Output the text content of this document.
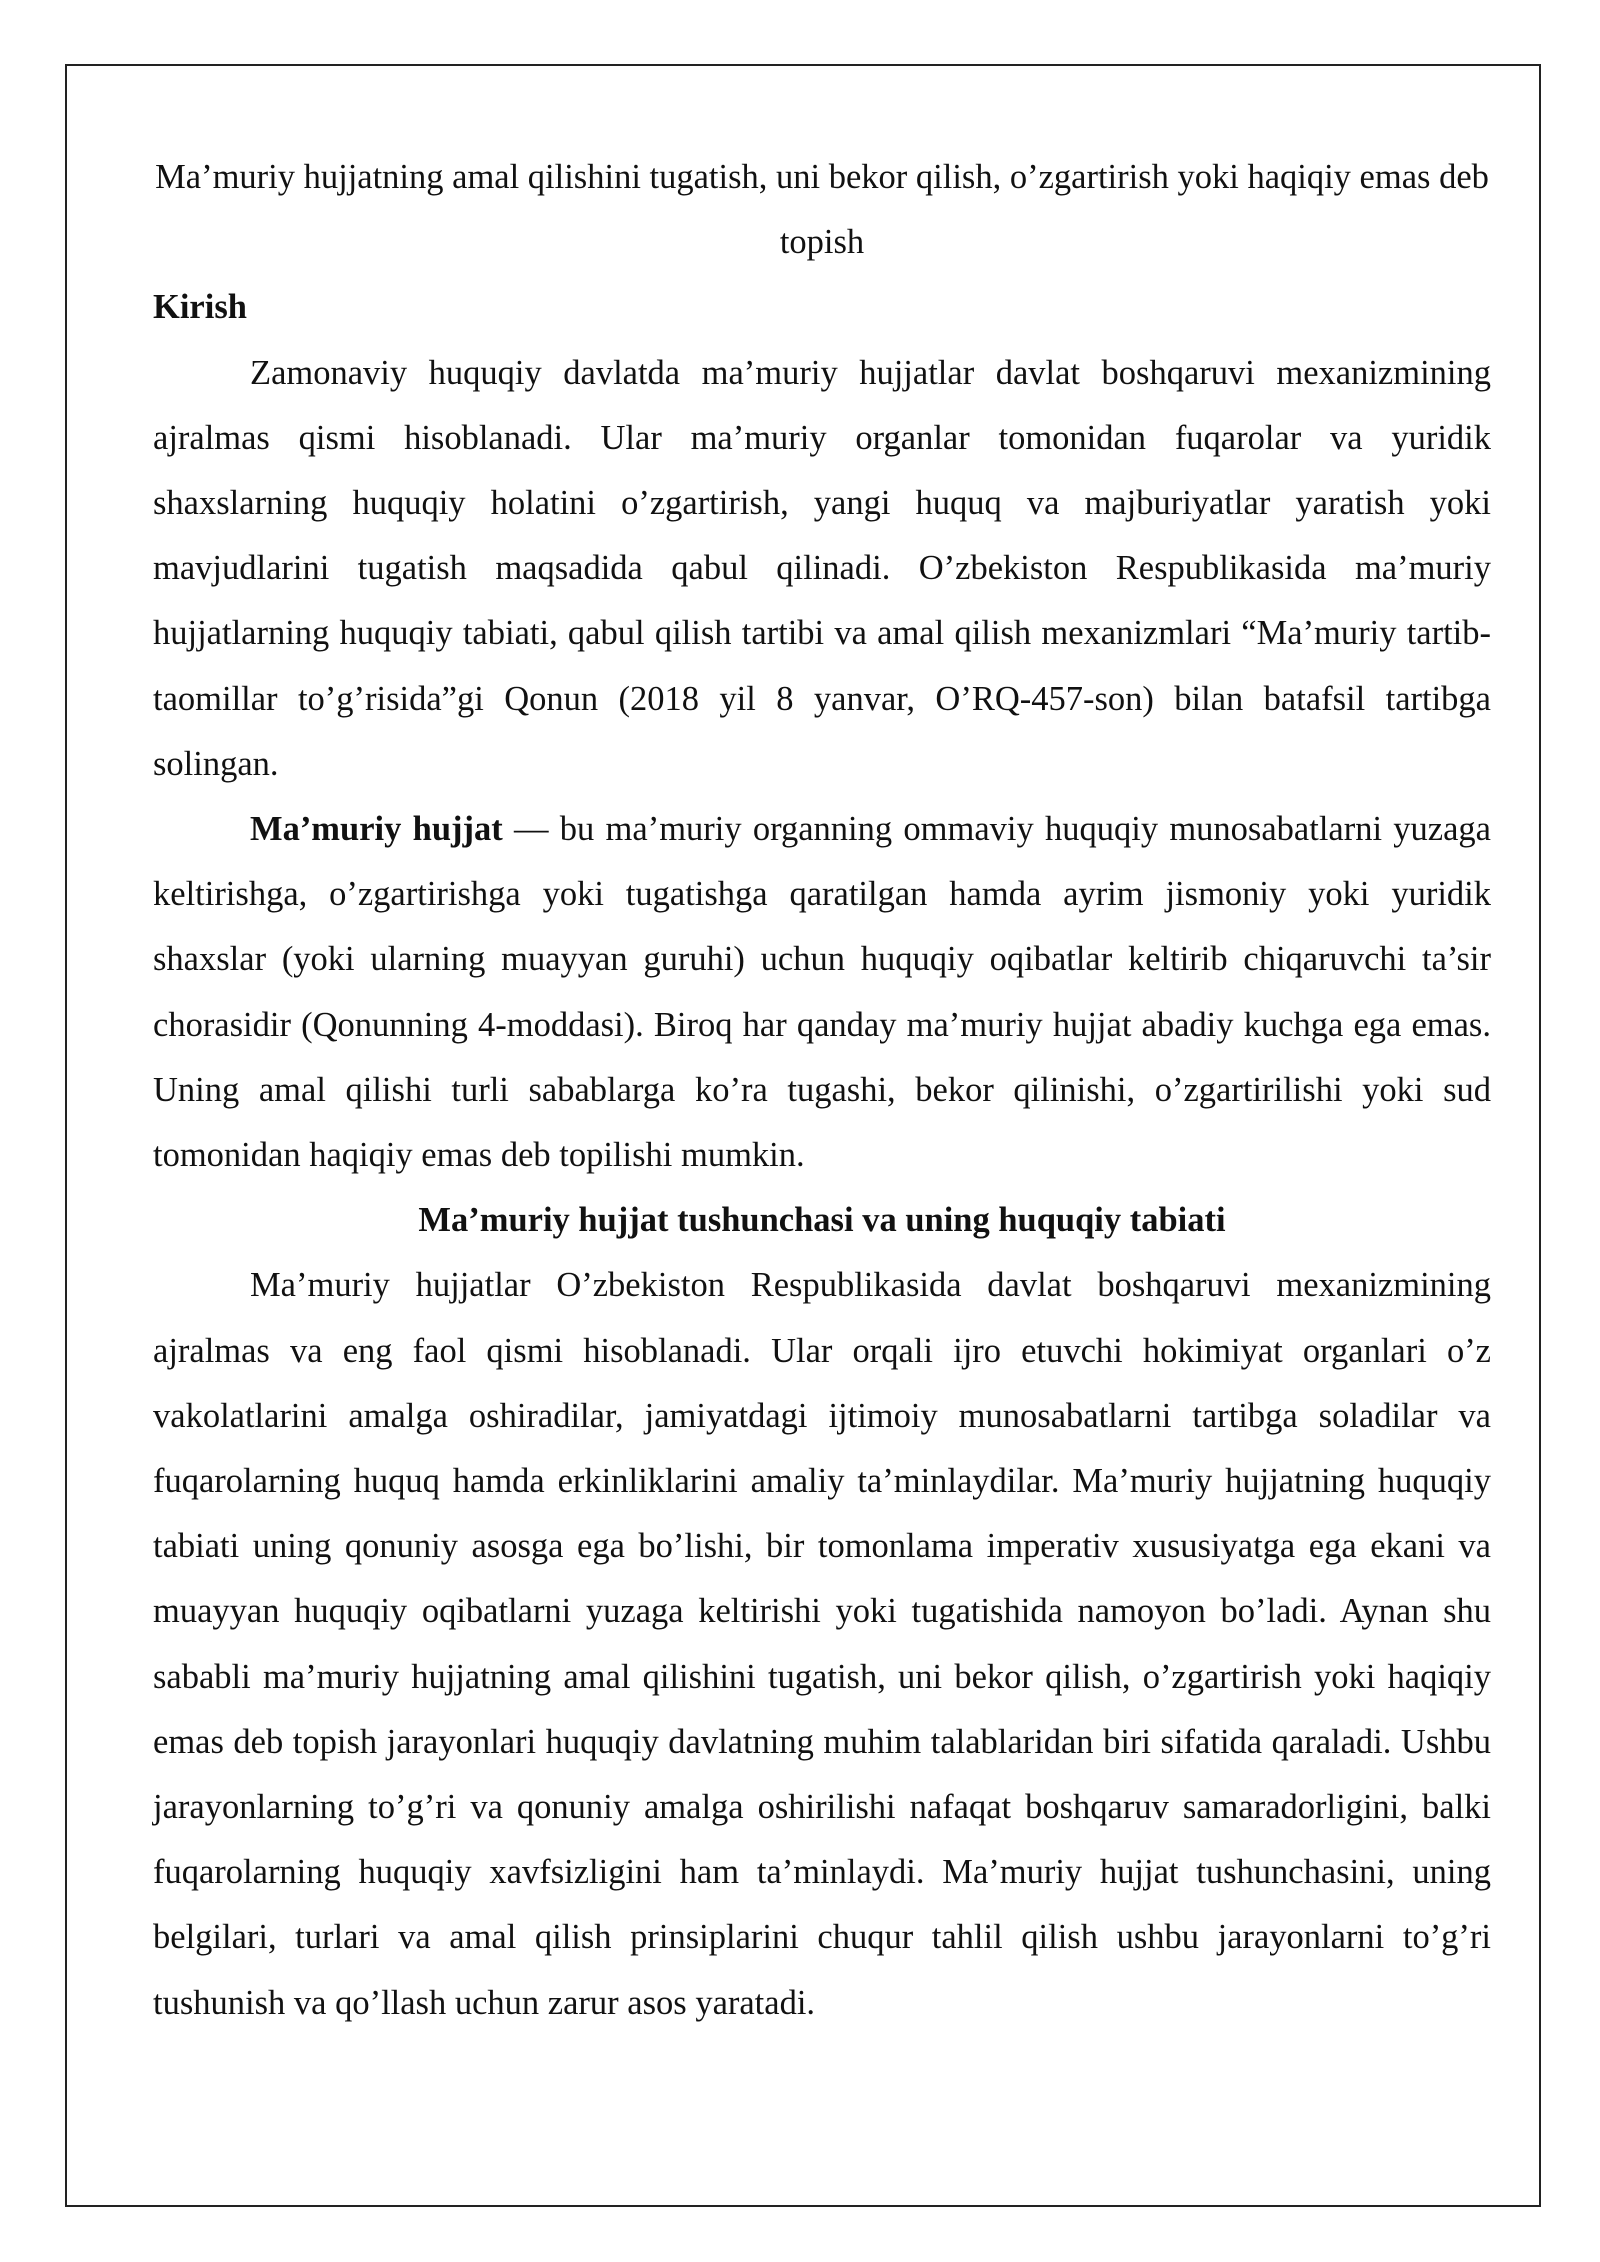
Ma’muriy hujjatning amal qilishini tugatish, uni bekor qilish, o’zgartirish yoki haqiqiy emas deb topish

Kirish

Zamonaviy huquqiy davlatda ma’muriy hujjatlar davlat boshqaruvi mexanizmining ajralmas qismi hisoblanadi. Ular ma’muriy organlar tomonidan fuqarolar va yuridik shaxslarning huquqiy holatini o’zgartirish, yangi huquq va majburiyatlar yaratish yoki mavjudlarini tugatish maqsadida qabul qilinadi. O’zbekiston Respublikasida ma’muriy hujjatlarning huquqiy tabiati, qabul qilish tartibi va amal qilish mexanizmlari “Ma’muriy tartib-taomillar to’g’risida”gi Qonun (2018 yil 8 yanvar, O’RQ-457-son) bilan batafsil tartibga solingan.

Ma’muriy hujjat — bu ma’muriy organning ommaviy huquqiy munosabatlarni yuzaga keltirishga, o’zgartirishga yoki tugatishga qaratilgan hamda ayrim jismoniy yoki yuridik shaxslar (yoki ularning muayyan guruhi) uchun huquqiy oqibatlar keltirib chiqaruvchi ta’sir chorasidir (Qonunning 4-moddasi). Biroq har qanday ma’muriy hujjat abadiy kuchga ega emas. Uning amal qilishi turli sabablarga ko’ra tugashi, bekor qilinishi, o’zgartirilishi yoki sud tomonidan haqiqiy emas deb topilishi mumkin.

Ma’muriy hujjat tushunchasi va uning huquqiy tabiati

Ma’muriy hujjatlar O’zbekiston Respublikasida davlat boshqaruvi mexanizmining ajralmas va eng faol qismi hisoblanadi. Ular orqali ijro etuvchi hokimiyat organlari o’z vakolatlarini amalga oshiradilar, jamiyatdagi ijtimoiy munosabatlarni tartibga soladilar va fuqarolarning huquq hamda erkinliklarini amaliy ta’minlaydilar. Ma’muriy hujjatning huquqiy tabiati uning qonuniy asosga ega bo’lishi, bir tomonlama imperativ xususiyatga ega ekani va muayyan huquqiy oqibatlarni yuzaga keltirishi yoki tugatishida namoyon bo’ladi. Aynan shu sababli ma’muriy hujjatning amal qilishini tugatish, uni bekor qilish, o’zgartirish yoki haqiqiy emas deb topish jarayonlari huquqiy davlatning muhim talablaridan biri sifatida qaraladi. Ushbu jarayonlarning to’g’ri va qonuniy amalga oshirilishi nafaqat boshqaruv samaradorligini, balki fuqarolarning huquqiy xavfsizligini ham ta’minlaydi. Ma’muriy hujjat tushunchasini, uning belgilari, turlari va amal qilish prinsiplarini chuqur tahlil qilish ushbu jarayonlarni to’g’ri tushunish va qo’llash uchun zarur asos yaratadi.
